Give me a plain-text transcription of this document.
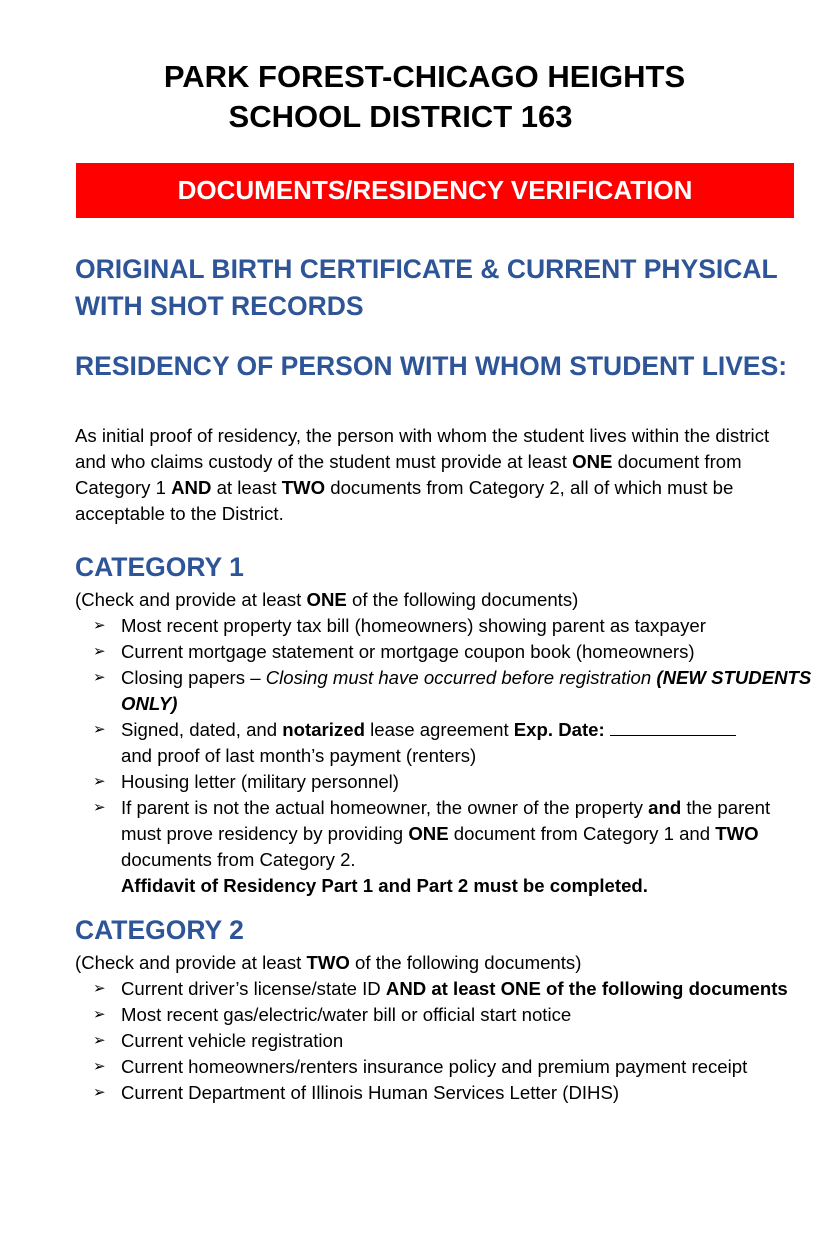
PARK FOREST-CHICAGO HEIGHTS
SCHOOL DISTRICT 163
DOCUMENTS/RESIDENCY VERIFICATION
ORIGINAL BIRTH CERTIFICATE & CURRENT PHYSICAL WITH SHOT RECORDS
RESIDENCY OF PERSON WITH WHOM STUDENT LIVES:
As initial proof of residency, the person with whom the student lives within the district and who claims custody of the student must provide at least ONE document from Category 1 AND at least TWO documents from Category 2, all of which must be acceptable to the District.
CATEGORY 1
(Check and provide at least ONE of the following documents)
➢ Most recent property tax bill (homeowners) showing parent as taxpayer
➢ Current mortgage statement or mortgage coupon book (homeowners)
➢ Closing papers – Closing must have occurred before registration (NEW STUDENTS ONLY)
➢ Signed, dated, and notarized lease agreement Exp. Date:
and proof of last month’s payment (renters)
➢ Housing letter (military personnel)
➢ If parent is not the actual homeowner, the owner of the property and the parent must prove residency by providing ONE document from Category 1 and TWO documents from Category 2.
Affidavit of Residency Part 1 and Part 2 must be completed.
CATEGORY 2
(Check and provide at least TWO of the following documents)
➢ Current driver’s license/state ID AND at least ONE of the following documents
➢ Most recent gas/electric/water bill or official start notice
➢ Current vehicle registration
➢ Current homeowners/renters insurance policy and premium payment receipt
➢ Current Department of Illinois Human Services Letter (DIHS)
